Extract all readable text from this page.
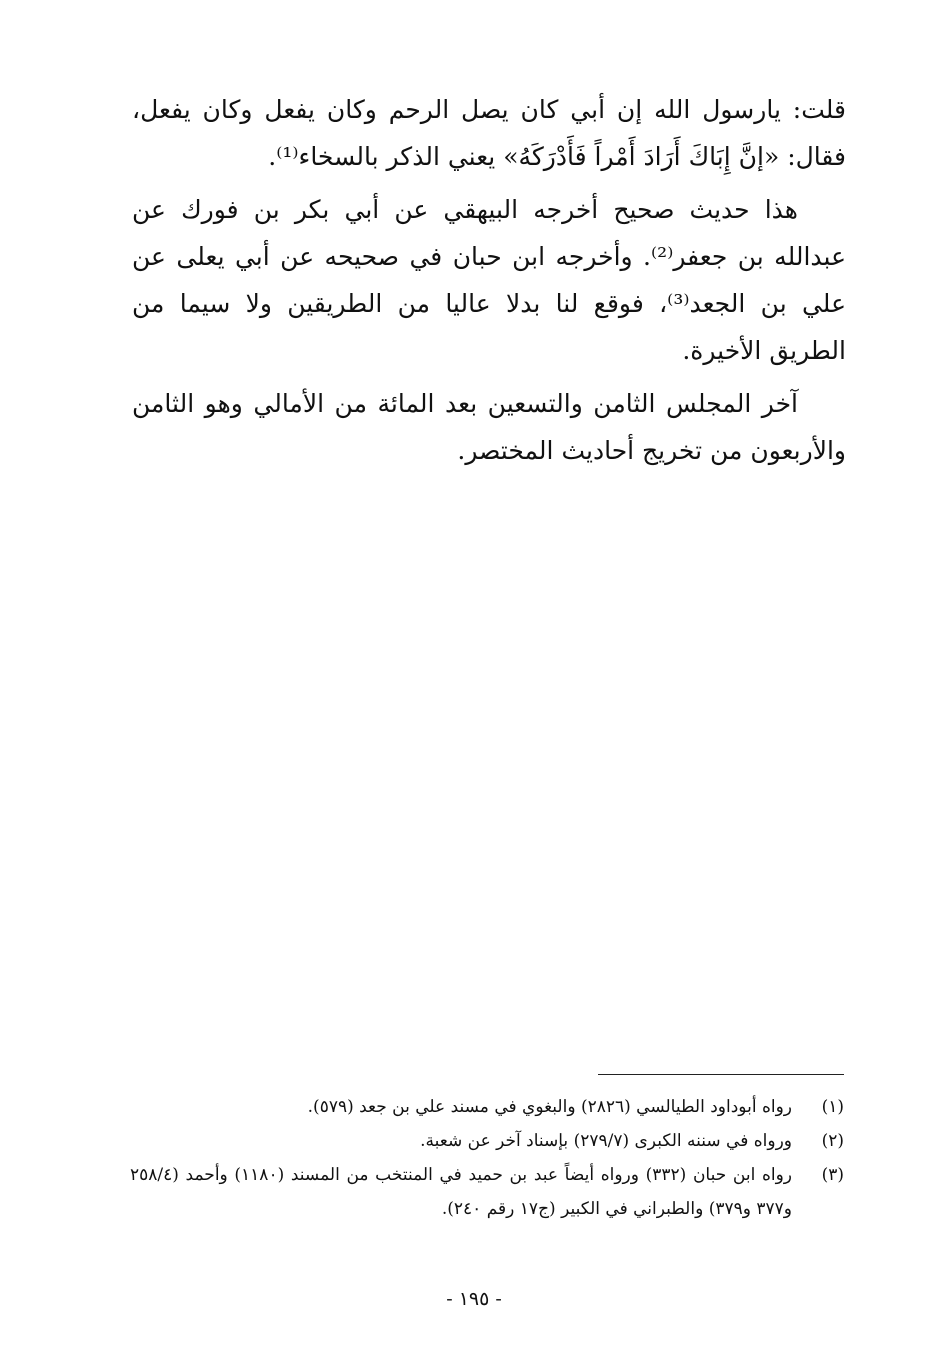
قلت: يارسول الله إن أبي كان يصل الرحم وكان يفعل وكان يفعل، فقال: «إنَّ إِبَاكَ أَرَادَ أَمْراً فَأَدْرَكَهُ» يعني الذكر بالسخاء⁽¹⁾.

هذا حديث صحيح أخرجه البيهقي عن أبي بكر بن فورك عن عبدالله بن جعفر⁽²⁾. وأخرجه ابن حبان في صحيحه عن أبي يعلى عن علي بن الجعد⁽³⁾، فوقع لنا بدلا عاليا من الطريقين ولا سيما من الطريق الأخيرة.

آخر المجلس الثامن والتسعين بعد المائة من الأمالي وهو الثامن والأربعون من تخريج أحاديث المختصر.

(١)
رواه أبوداود الطيالسي (٢٨٢٦) والبغوي في مسند علي بن جعد (٥٧٩).
(٢)
ورواه في سننه الكبرى (٢٧٩/٧) بإسناد آخر عن شعبة.
(٣)
رواه ابن حبان (٣٣٢) ورواه أيضاً عبد بن حميد في المنتخب من المسند (١١٨٠) وأحمد (٢٥٨/٤ و٣٧٧ و٣٧٩) والطبراني في الكبير (ج١٧ رقم ٢٤٠).
- ١٩٥ -
